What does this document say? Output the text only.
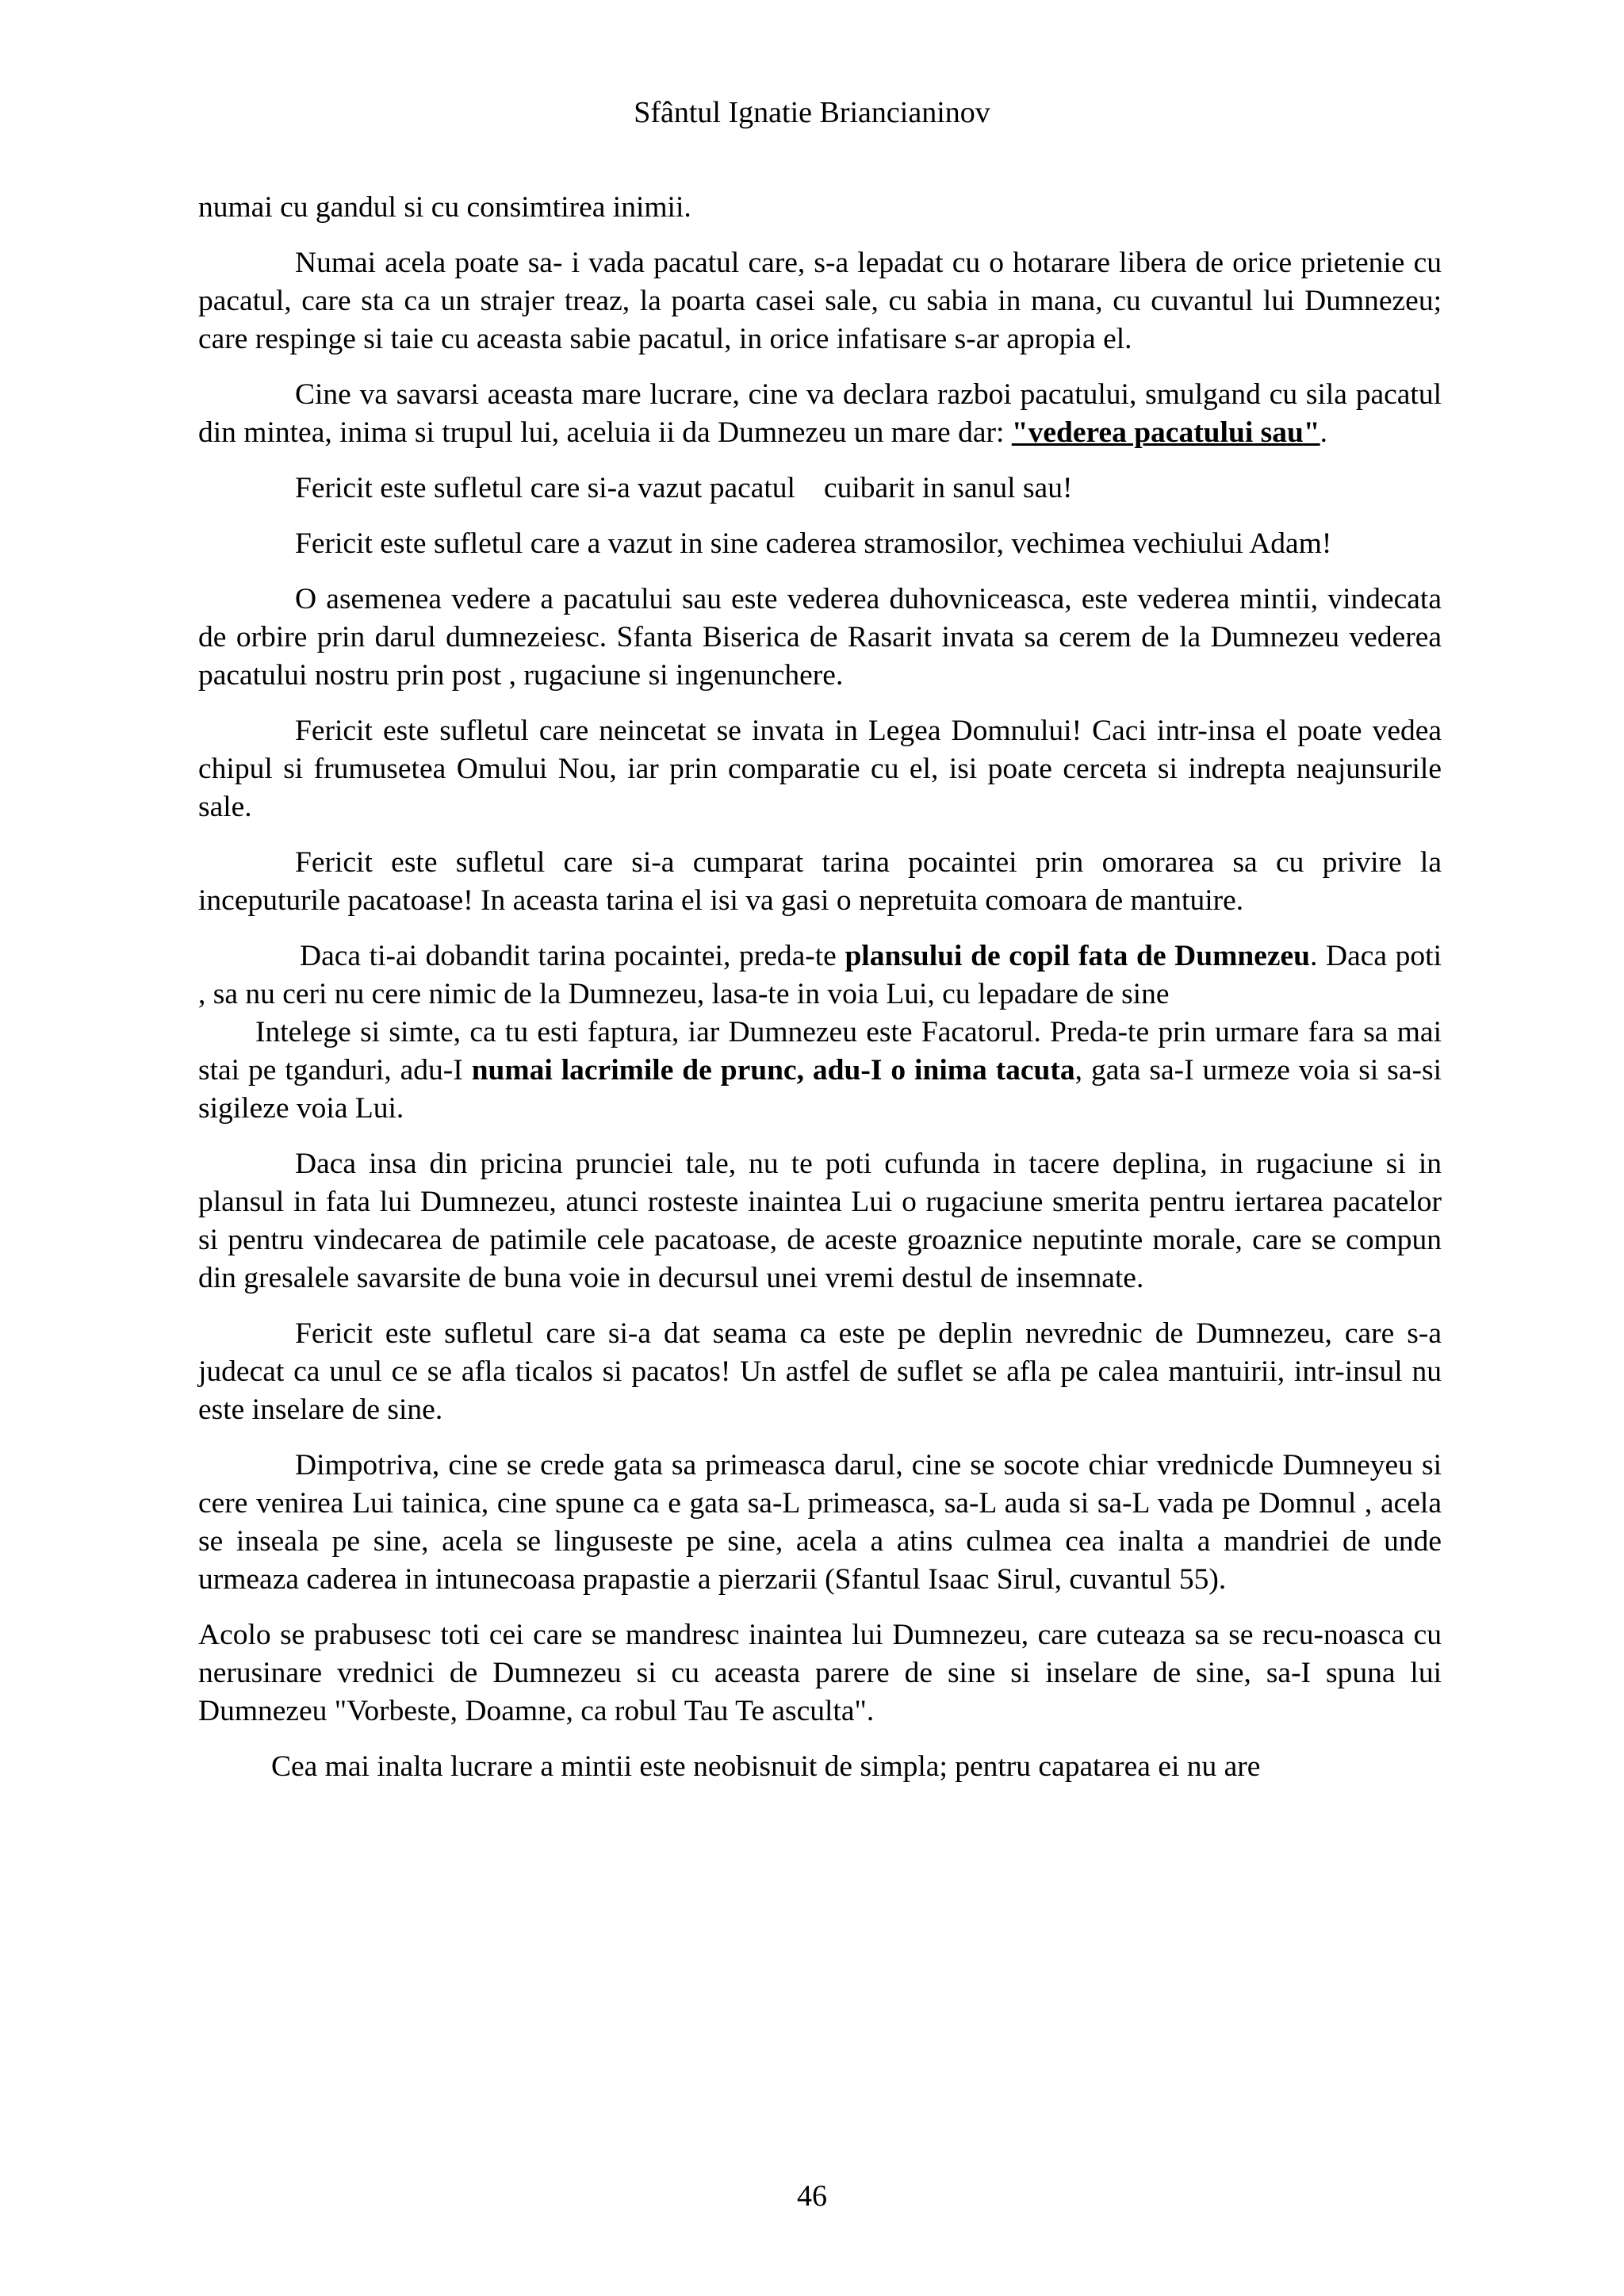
Sfântul Ignatie Briancianinov

numai cu gandul si cu consimtirea inimii.

Numai acela poate sa- i vada pacatul care, s-a lepadat cu o hotarare libera de orice prietenie cu pacatul, care sta ca un strajer treaz, la poarta casei sale, cu sabia in mana, cu cuvantul lui Dumnezeu; care respinge si taie cu aceasta sabie pacatul, in orice infatisare s-ar apropia el.

Cine va savarsi aceasta mare lucrare, cine va declara razboi pacatului, smulgand cu sila pacatul din mintea, inima si trupul lui, aceluia ii da Dumnezeu un mare dar: "vederea pacatului sau".

Fericit este sufletul care si-a vazut pacatul cuibarit in sanul sau!

Fericit este sufletul care a vazut in sine caderea stramosilor, vechimea vechiului Adam!

O asemenea vedere a pacatului sau este vederea duhovniceasca, este vederea mintii, vindecata de orbire prin darul dumnezeiesc. Sfanta Biserica de Rasarit invata sa cerem de la Dumnezeu vederea pacatului nostru prin post , rugaciune si ingenunchere.

Fericit este sufletul care neincetat se invata in Legea Domnului! Caci intr-insa el poate vedea chipul si frumusetea Omului Nou, iar prin comparatie cu el, isi poate cerceta si indrepta neajunsurile sale.

Fericit este sufletul care si-a cumparat tarina pocaintei prin omorarea sa cu privire la inceputurile pacatoase! In aceasta tarina el isi va gasi o nepretuita comoara de mantuire.

Daca ti-ai dobandit tarina pocaintei, preda-te plansului de copil fata de Dumnezeu. Daca poti , sa nu ceri nu cere nimic de la Dumnezeu, lasa-te in voia Lui, cu lepadare de sine
Intelege si simte, ca tu esti faptura, iar Dumnezeu este Facatorul. Preda-te prin urmare fara sa mai stai pe tganduri, adu-I numai lacrimile de prunc, adu-I o inima tacuta, gata sa-I urmeze voia si sa-si sigileze voia Lui.

Daca insa din pricina pruncieі tale, nu te poti cufunda in tacere deplina, in rugaciune si in plansul in fata lui Dumnezeu, atunci rosteste inaintea Lui o rugaciune smerita pentru iertarea pacatelor si pentru vindecarea de patimile cele pacatoase, de aceste groaznice neputinte morale, care se compun din gresalele savarsite de buna voie in decursul unei vremi destul de insemnate.

Fericit este sufletul care si-a dat seama ca este pe deplin nevrednic de Dumnezeu, care s-a judecat ca unul ce se afla ticalos si pacatos! Un astfel de suflet se afla pe calea mantuirii, intr-insul nu este inselare de sine.

Dimpotriva, cine se crede gata sa primeasca darul, cine se socote chiar vrednicde Dumneyeu si cere venirea Lui tainica, cine spune ca e gata sa-L primeasca, sa-L auda si sa-L vada pe Domnul , acela se inseala pe sine, acela se linguseste pe sine, acela a atins culmea cea inalta a mandriei de unde urmeaza caderea in intunecoasa prapastie a pierzarii (Sfantul Isaac Sirul, cuvantul 55).

Acolo se prabusesc toti cei care se mandresc inaintea lui Dumnezeu, care cuteaza sa se recu-noasca cu nerusinare vrednici de Dumnezeu si cu aceasta parere de sine si inselare de sine, sa-I spuna lui Dumnezeu "Vorbeste, Doamne, ca robul Tau Te asculta".

Cea mai inalta lucrare a mintii este neobisnuit de simpla; pentru capatarea ei nu are

46
